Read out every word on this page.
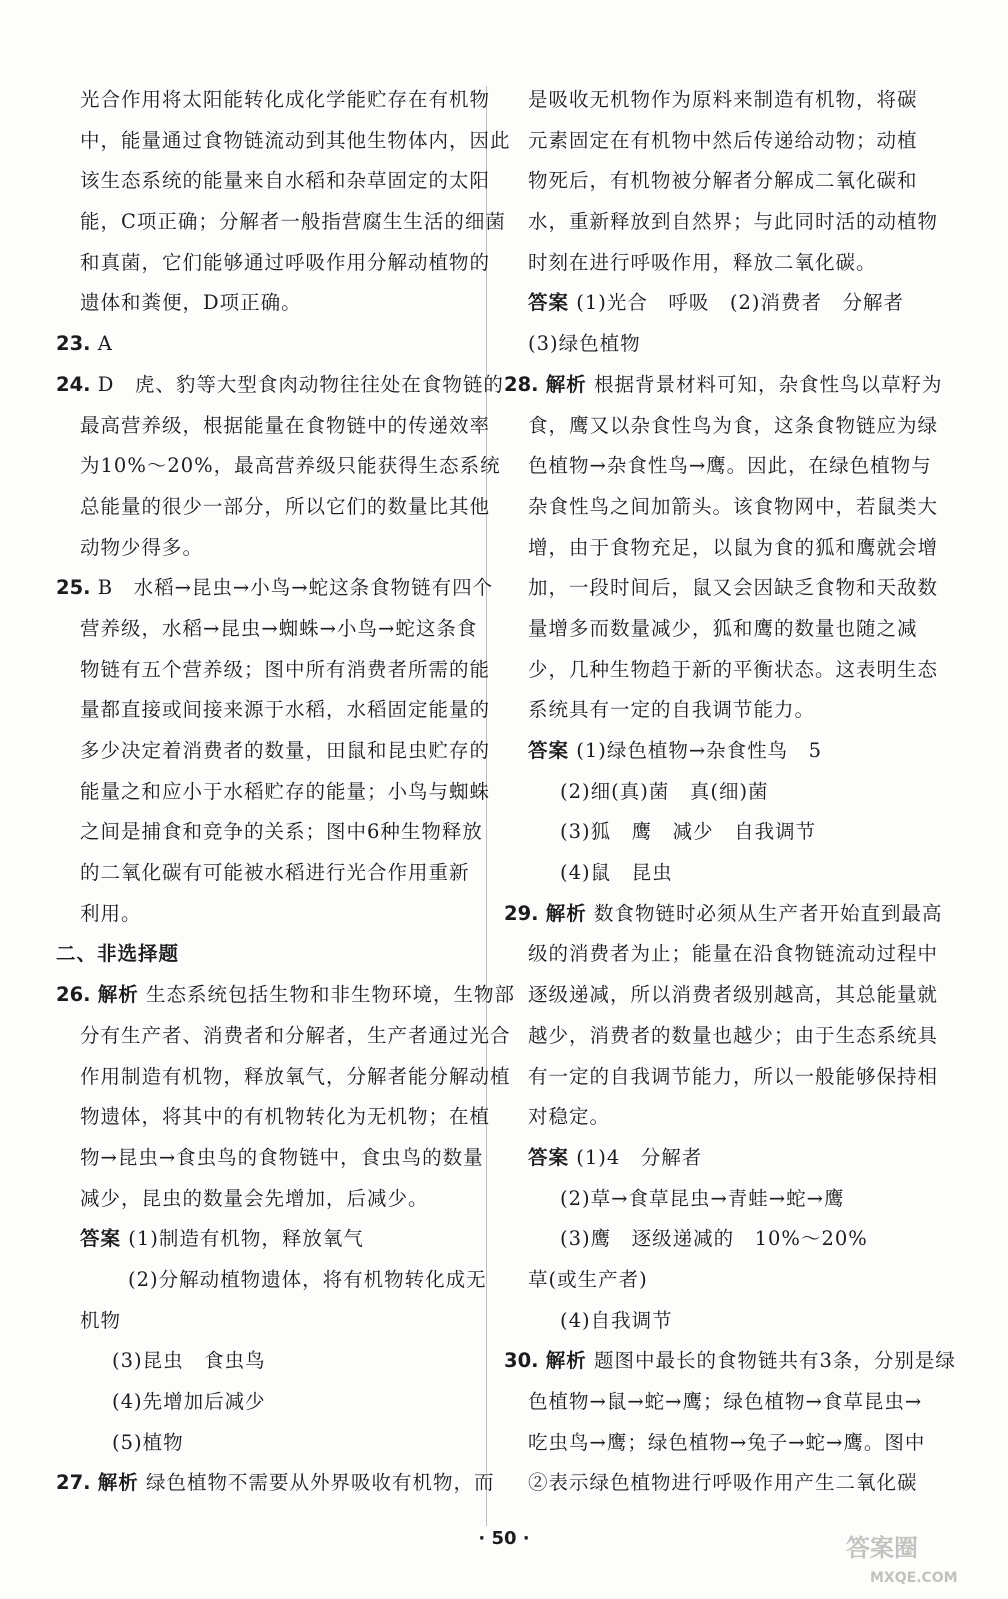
光合作用将太阳能转化成化学能贮存在有机物
中，能量通过食物链流动到其他生物体内，因此
该生态系统的能量来自水稻和杂草固定的太阳
能，C项正确；分解者一般指营腐生生活的细菌
和真菌，它们能够通过呼吸作用分解动植物的
遗体和粪便，D项正确。
23. A
24. D　虎、豹等大型食肉动物往往处在食物链的
最高营养级，根据能量在食物链中的传递效率
为10%～20%，最高营养级只能获得生态系统
总能量的很少一部分，所以它们的数量比其他
动物少得多。
25. B　水稻→昆虫→小鸟→蛇这条食物链有四个
营养级，水稻→昆虫→蜘蛛→小鸟→蛇这条食
物链有五个营养级；图中所有消费者所需的能
量都直接或间接来源于水稻，水稻固定能量的
多少决定着消费者的数量，田鼠和昆虫贮存的
能量之和应小于水稻贮存的能量；小鸟与蜘蛛
之间是捕食和竞争的关系；图中6种生物释放
的二氧化碳有可能被水稻进行光合作用重新
利用。
二、非选择题
26. 解析 生态系统包括生物和非生物环境，生物部
分有生产者、消费者和分解者，生产者通过光合
作用制造有机物，释放氧气，分解者能分解动植
物遗体，将其中的有机物转化为无机物；在植
物→昆虫→食虫鸟的食物链中，食虫鸟的数量
减少，昆虫的数量会先增加，后减少。
答案 (1)制造有机物，释放氧气
(2)分解动植物遗体，将有机物转化成无
机物
(3)昆虫　食虫鸟
(4)先增加后减少
(5)植物
27. 解析 绿色植物不需要从外界吸收有机物，而
是吸收无机物作为原料来制造有机物，将碳
元素固定在有机物中然后传递给动物；动植
物死后，有机物被分解者分解成二氧化碳和
水，重新释放到自然界；与此同时活的动植物
时刻在进行呼吸作用，释放二氧化碳。
答案 (1)光合　呼吸　(2)消费者　分解者
(3)绿色植物
28. 解析 根据背景材料可知，杂食性鸟以草籽为
食，鹰又以杂食性鸟为食，这条食物链应为绿
色植物→杂食性鸟→鹰。因此，在绿色植物与
杂食性鸟之间加箭头。该食物网中，若鼠类大
增，由于食物充足，以鼠为食的狐和鹰就会增
加，一段时间后，鼠又会因缺乏食物和天敌数
量增多而数量减少，狐和鹰的数量也随之减
少，几种生物趋于新的平衡状态。这表明生态
系统具有一定的自我调节能力。
答案 (1)绿色植物→杂食性鸟　5
(2)细(真)菌　真(细)菌
(3)狐　鹰　减少　自我调节
(4)鼠　昆虫
29. 解析 数食物链时必须从生产者开始直到最高
级的消费者为止；能量在沿食物链流动过程中
逐级递减，所以消费者级别越高，其总能量就
越少，消费者的数量也越少；由于生态系统具
有一定的自我调节能力，所以一般能够保持相
对稳定。
答案 (1)4　分解者
(2)草→食草昆虫→青蛙→蛇→鹰
(3)鹰　逐级递减的　10%～20%
草(或生产者)
(4)自我调节
30. 解析 题图中最长的食物链共有3条，分别是绿
色植物→鼠→蛇→鹰；绿色植物→食草昆虫→
吃虫鸟→鹰；绿色植物→兔子→蛇→鹰。图中
②表示绿色植物进行呼吸作用产生二氧化碳
· 50 ·	答案圈
MXQE.COM
